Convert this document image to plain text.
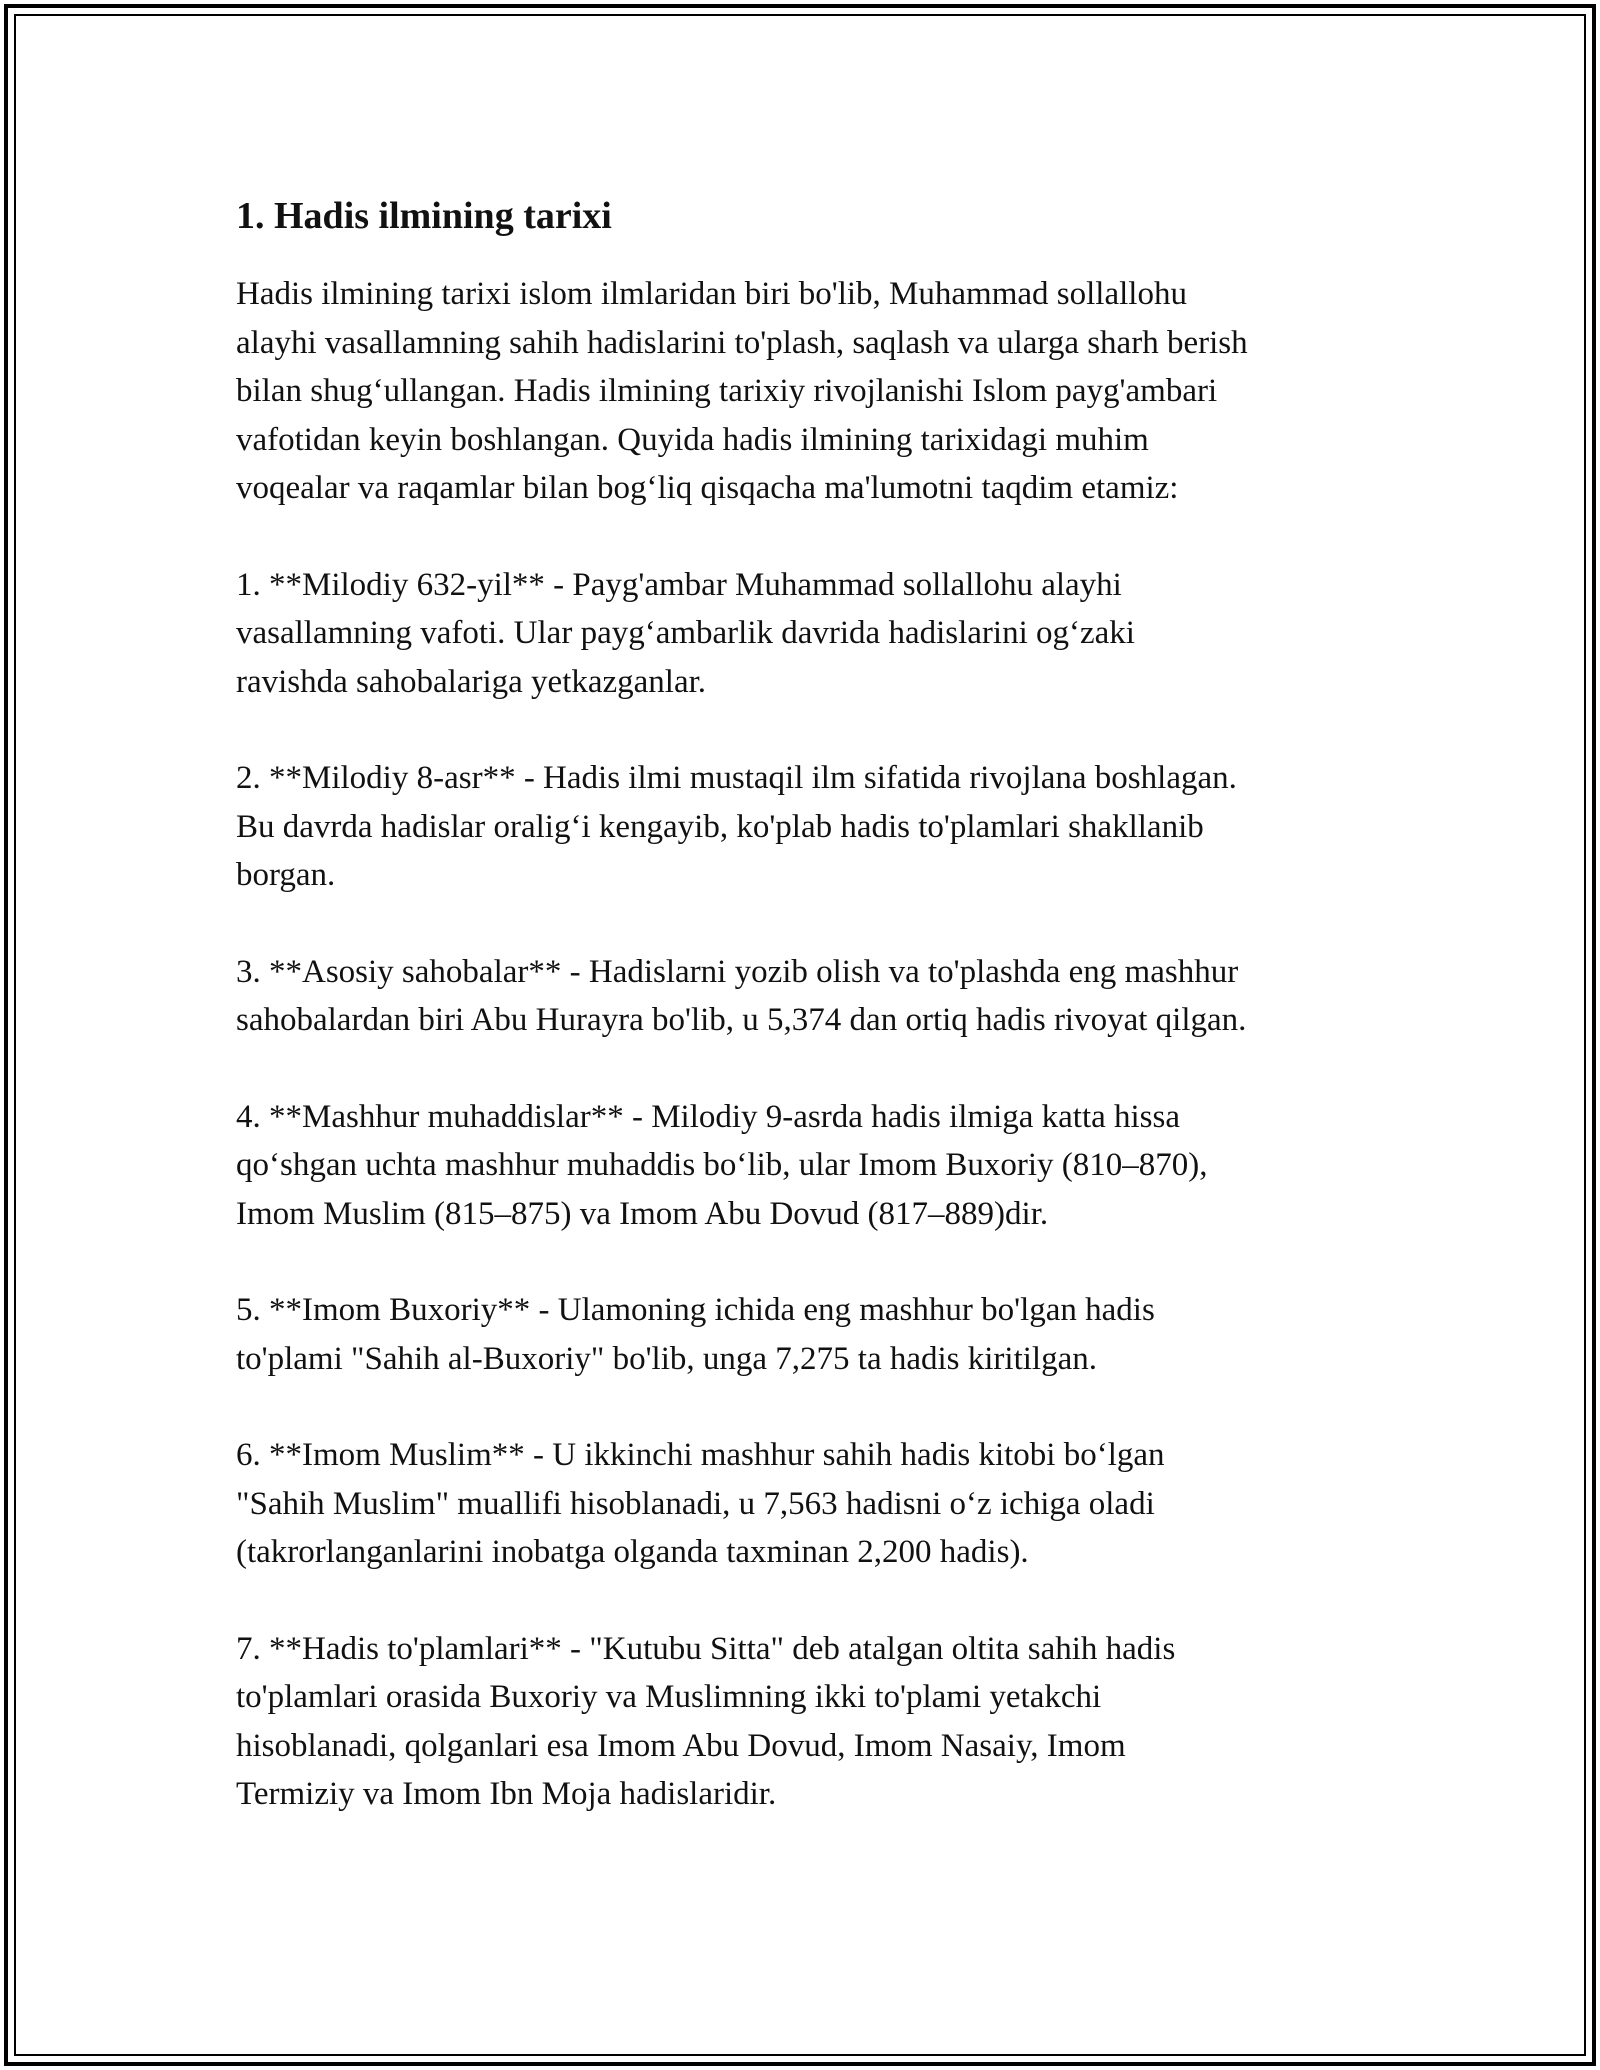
1. Hadis ilmining tarixi

Hadis ilmining tarixi islom ilmlaridan biri bo'lib, Muhammad sollallohu
alayhi vasallamning sahih hadislarini to'plash, saqlash va ularga sharh berish
bilan shug‘ullangan. Hadis ilmining tarixiy rivojlanishi Islom payg'ambari
vafotidan keyin boshlangan. Quyida hadis ilmining tarixidagi muhim
voqealar va raqamlar bilan bog‘liq qisqacha ma'lumotni taqdim etamiz:

1. **Milodiy 632-yil** - Payg'ambar Muhammad sollallohu alayhi
vasallamning vafoti. Ular payg‘ambarlik davrida hadislarini og‘zaki
ravishda sahobalariga yetkazganlar.

2. **Milodiy 8-asr** - Hadis ilmi mustaqil ilm sifatida rivojlana boshlagan.
Bu davrda hadislar oralig‘i kengayib, ko'plab hadis to'plamlari shakllanib
borgan.

3. **Asosiy sahobalar** - Hadislarni yozib olish va to'plashda eng mashhur
sahobalardan biri Abu Hurayra bo'lib, u 5,374 dan ortiq hadis rivoyat qilgan.

4. **Mashhur muhaddislar** - Milodiy 9-asrda hadis ilmiga katta hissa
qo‘shgan uchta mashhur muhaddis bo‘lib, ular Imom Buxoriy (810–870),
Imom Muslim (815–875) va Imom Abu Dovud (817–889)dir.

5. **Imom Buxoriy** - Ulamoning ichida eng mashhur bo'lgan hadis
to'plami "Sahih al-Buxoriy" bo'lib, unga 7,275 ta hadis kiritilgan.

6. **Imom Muslim** - U ikkinchi mashhur sahih hadis kitobi bo‘lgan
"Sahih Muslim" muallifi hisoblanadi, u 7,563 hadisni o‘z ichiga oladi
(takrorlanganlarini inobatga olganda taxminan 2,200 hadis).

7. **Hadis to'plamlari** - "Kutubu Sitta" deb atalgan oltita sahih hadis
to'plamlari orasida Buxoriy va Muslimning ikki to'plami yetakchi
hisoblanadi, qolganlari esa Imom Abu Dovud, Imom Nasaiy, Imom
Termiziy va Imom Ibn Moja hadislaridir.
